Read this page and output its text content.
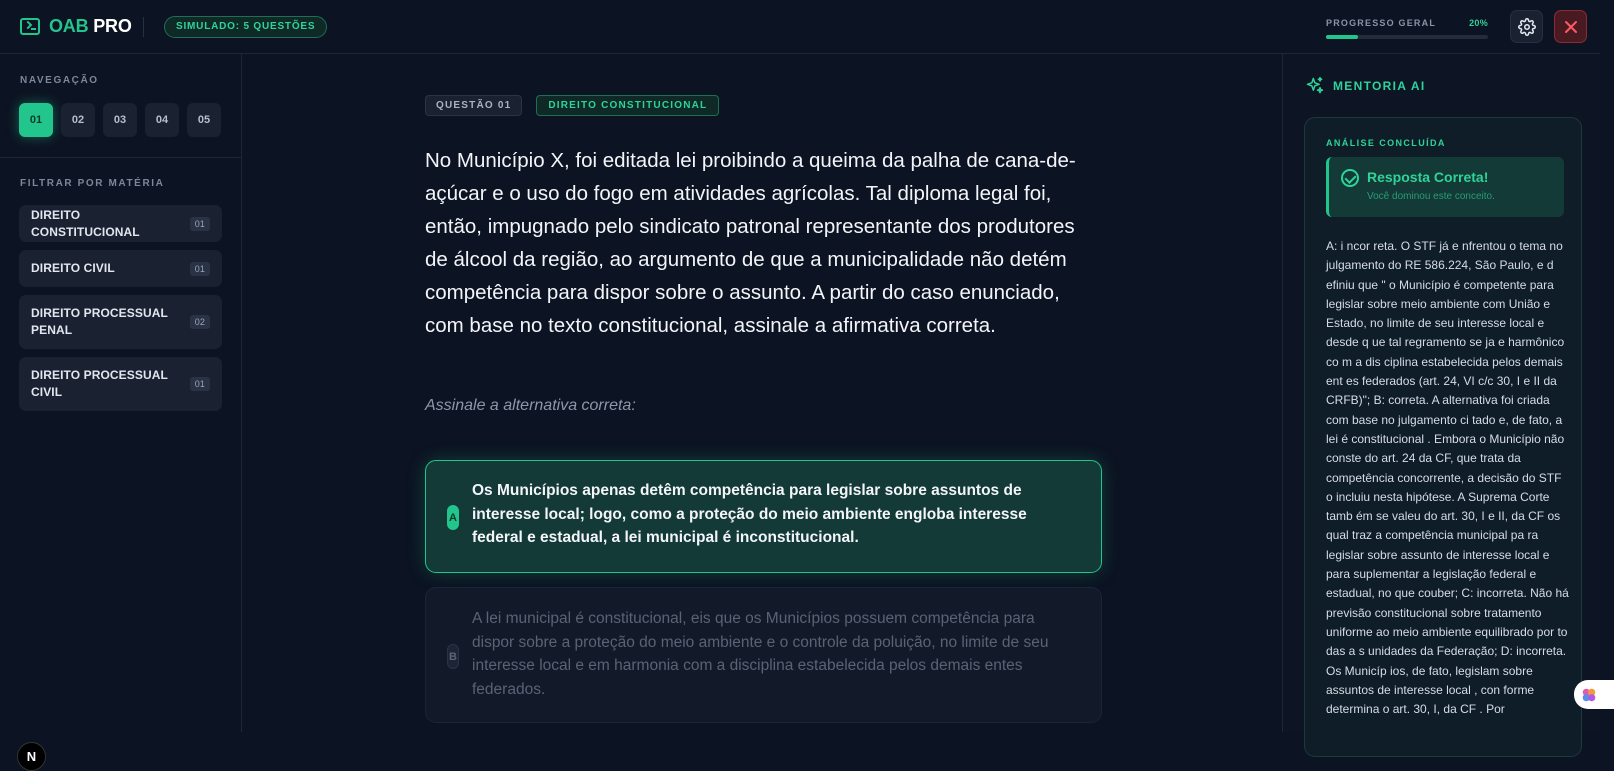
OAB PRO	SIMULADO: 5 QUESTÕES	PROGRESSO GERAL	20%
NAVEGAÇÃO
01	02	03	04	05
FILTRAR POR MATÉRIA
DIREITO CONSTITUCIONAL
01
DIREITO CIVIL	01
DIREITO PROCESSUAL PENAL
02
DIREITO PROCESSUAL CIVIL
01
N
QUESTÃO 01	DIREITO CONSTITUCIONAL
No Município X, foi editada lei proibindo a queima da palha de cana-de-açúcar e o uso do fogo em atividades agrícolas. Tal diploma legal foi, então, impugnado pelo sindicato patronal representante dos produtores de álcool da região, ao argumento de que a municipalidade não detém competência para dispor sobre o assunto. A partir do caso enunciado, com base no texto constitucional, assinale a afirmativa correta.
Assinale a alternativa correta:
A
Os Municípios apenas detêm competência para legislar sobre assuntos de interesse local; logo, como a proteção do meio ambiente engloba interesse federal e estadual, a lei municipal é inconstitucional.
B
A lei municipal é constitucional, eis que os Municípios possuem competência para dispor sobre a proteção do meio ambiente e o controle da poluição, no limite de seu interesse local e em harmonia com a disciplina estabelecida pelos demais entes federados.
MENTORIA AI
ANÁLISE CONCLUÍDA
Resposta Correta!
Você dominou este conceito.
A: i ncor reta. O STF já e nfrentou o tema no julgamento do RE 586.224, São Paulo, e d efiniu que " o Município é competente para legislar sobre meio ambiente com União e Estado, no limite de seu interesse local e desde q ue tal regramento se ja e harmônico co m a dis ciplina estabelecida pelos demais ent es federados (art. 24, VI c/c 30, I e II da CRFB)"; B: correta. A alternativa foi criada com base no julgamento ci tado e, de fato, a lei é constitucional . Embora o Município não conste do art. 24 da CF, que trata da competência concorrente, a decisão do STF o incluiu nesta hipótese. A Suprema Corte tamb ém se valeu do art. 30, I e II, da CF os qual traz a competência municipal pa ra legislar sobre assunto de interesse local e para suplementar a legislação federal e estadual, no que couber; C: incorreta. Não há previsão constitucional sobre tratamento uniforme ao meio ambiente equilibrado por to das a s unidades da Federação; D: incorreta. Os Municíp ios, de fato, legislam sobre assuntos de interesse local , con forme determina o art. 30, I, da CF . Por
